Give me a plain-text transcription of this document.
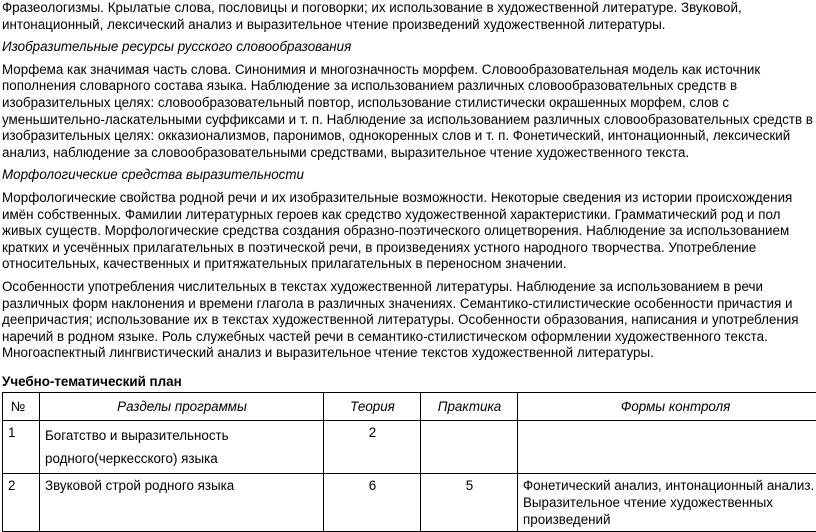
Фразеологизмы. Крылатые слова, пословицы и поговорки; их использование в художественной литературе. Звуковой, интонационный, лексический анализ и выразительное чтение произведений художественной литературы.

Изобразительные ресурсы русского словообразования

Морфема как значимая часть слова. Синонимия и многозначность морфем. Словообразовательная модель как источник пополнения словарного состава языка. Наблюдение за использованием различных словообразовательных средств в изобразительных целях: словообразовательный повтор, использование стилистически окрашенных морфем, слов с уменьшительно-ласкательными суффиксами и т. п. Наблюдение за использованием различных словообразовательных средств в изобразительных целях: окказионализмов, паронимов, однокоренных слов и т. п. Фонетический, интонационный, лексический анализ, наблюдение за словообразовательными средствами, выразительное чтение художественного текста.

Морфологические средства выразительности

Морфологические свойства родной речи и их изобразительные возможности. Некоторые сведения из истории происхождения имён собственных. Фамилии литературных героев как средство художественной характеристики. Грамматический род и пол живых существ. Морфологические средства создания образно-поэтического олицетворения. Наблюдение за использованием кратких и усечённых прилагательных в поэтической речи, в произведениях устного народного творчества. Употребление относительных, качественных и притяжательных прилагательных в переносном значении.

Особенности употребления числительных в текстах художественной литературы. Наблюдение за использованием в речи различных форм наклонения и времени глагола в различных значениях. Семантико-стилистические особенности причастия и деепричастия; использование их в текстах художественной литературы. Особенности образования, написания и употребления наречий в родном языке. Роль служебных частей речи в семантико-стилистическом оформлении художественного текста. Многоаспектный лингвистический анализ и выразительное чтение текстов художественной литературы.

Учебно-тематический план

№	Разделы программы	Теория	Практика	Формы контроля
1	Богатство и выразительность родного(черкесского) языка	2		
2	Звуковой строй родного языка	6	5	Фонетический анализ, интонационный анализ. Выразительное чтение художественных произведений
